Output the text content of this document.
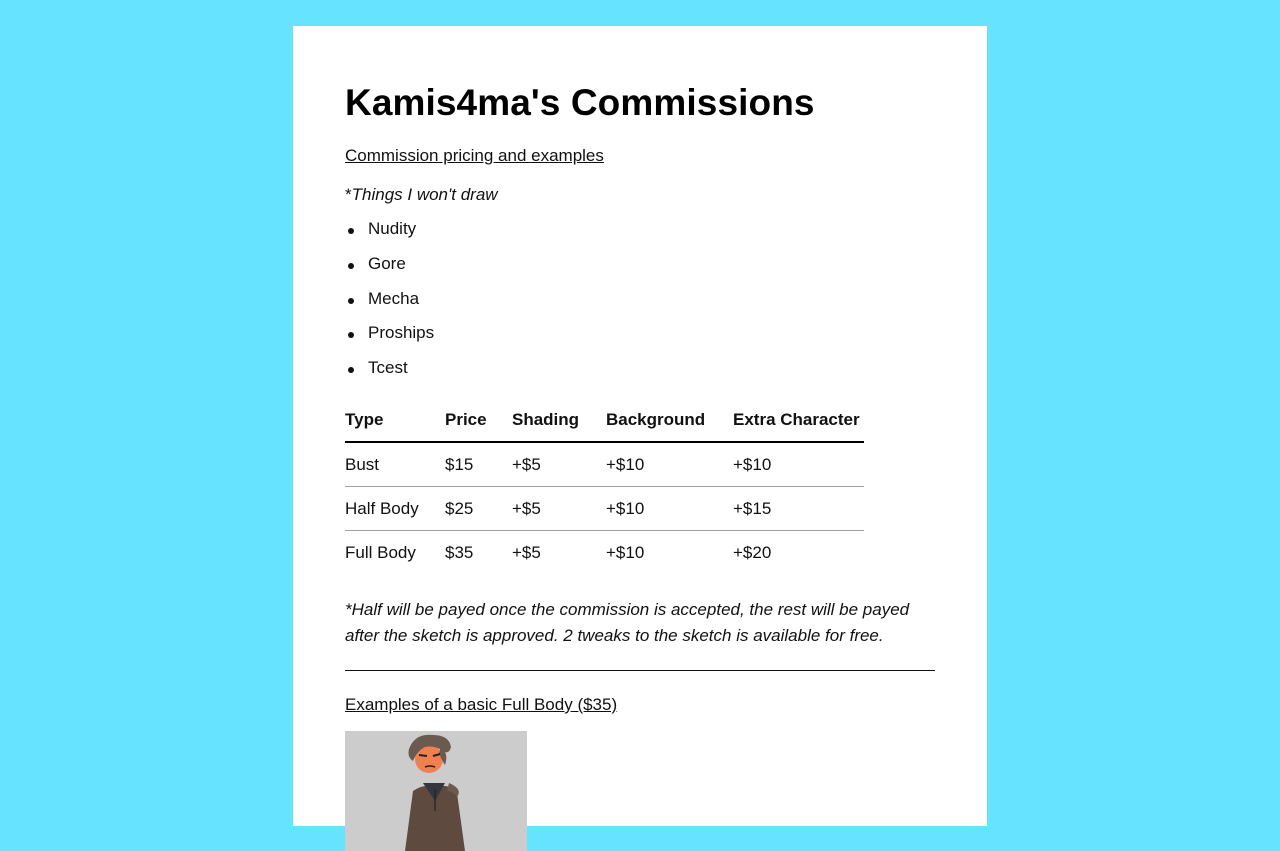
Kamis4ma's Commissions
Commission pricing and examples
*Things I won't draw
Nudity
Gore
Mecha
Proships
Tcest
Type	Price	Shading	Background	Extra Character
Bust	$15	+$5	+$10	+$10
Half Body	$25	+$5	+$10	+$15
Full Body	$35	+$5	+$10	+$20

*Half will be payed once the commission is accepted, the rest will be payed after the sketch is approved. 2 tweaks to the sketch is available for free.

Examples of a basic Full Body ($35)
